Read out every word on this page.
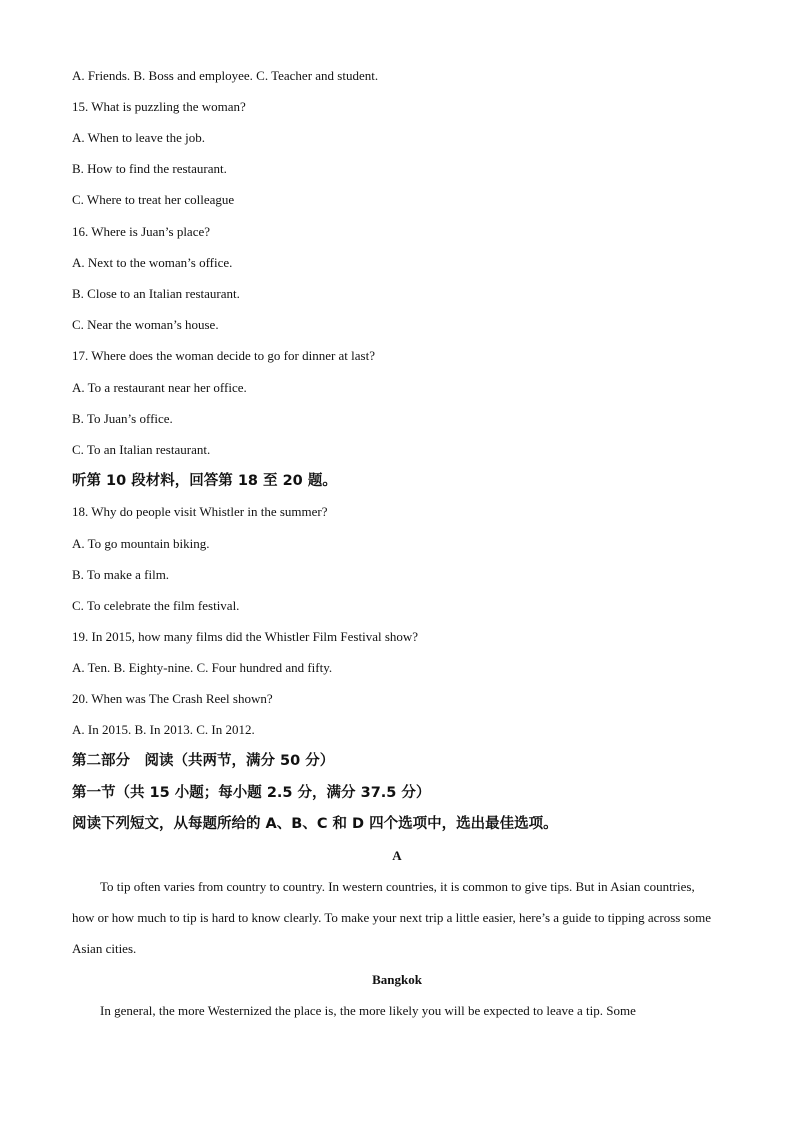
A. Friends. B. Boss and employee. C. Teacher and student.
15. What is puzzling the woman?
A. When to leave the job.
B. How to find the restaurant.
C. Where to treat her colleague
16. Where is Juan’s place?
A. Next to the woman’s office.
B. Close to an Italian restaurant.
C. Near the woman’s house.
17. Where does the woman decide to go for dinner at last?
A. To a restaurant near her office.
B. To Juan’s office.
C. To an Italian restaurant.
听第 10 段材料，回答第 18 至 20 题。
18. Why do people visit Whistler in the summer?
A. To go mountain biking.
B. To make a film.
C. To celebrate the film festival.
19. In 2015, how many films did the Whistler Film Festival show?
A. Ten. B. Eighty-nine. C. Four hundred and fifty.
20. When was The Crash Reel shown?
A. In 2015. B. In 2013. C. In 2012.
第二部分　阅读（共两节，满分 50 分）
第一节（共 15 小题；每小题 2.5 分，满分 37.5 分）
阅读下列短文，从每题所给的 A、B、C 和 D 四个选项中，选出最佳选项。
A
To tip often varies from country to country. In western countries, it is common to give tips. But in Asian countries, how or how much to tip is hard to know clearly. To make your next trip a little easier, here’s a guide to tipping across some Asian cities.
Bangkok
In general, the more Westernized the place is, the more likely you will be expected to leave a tip. Some
